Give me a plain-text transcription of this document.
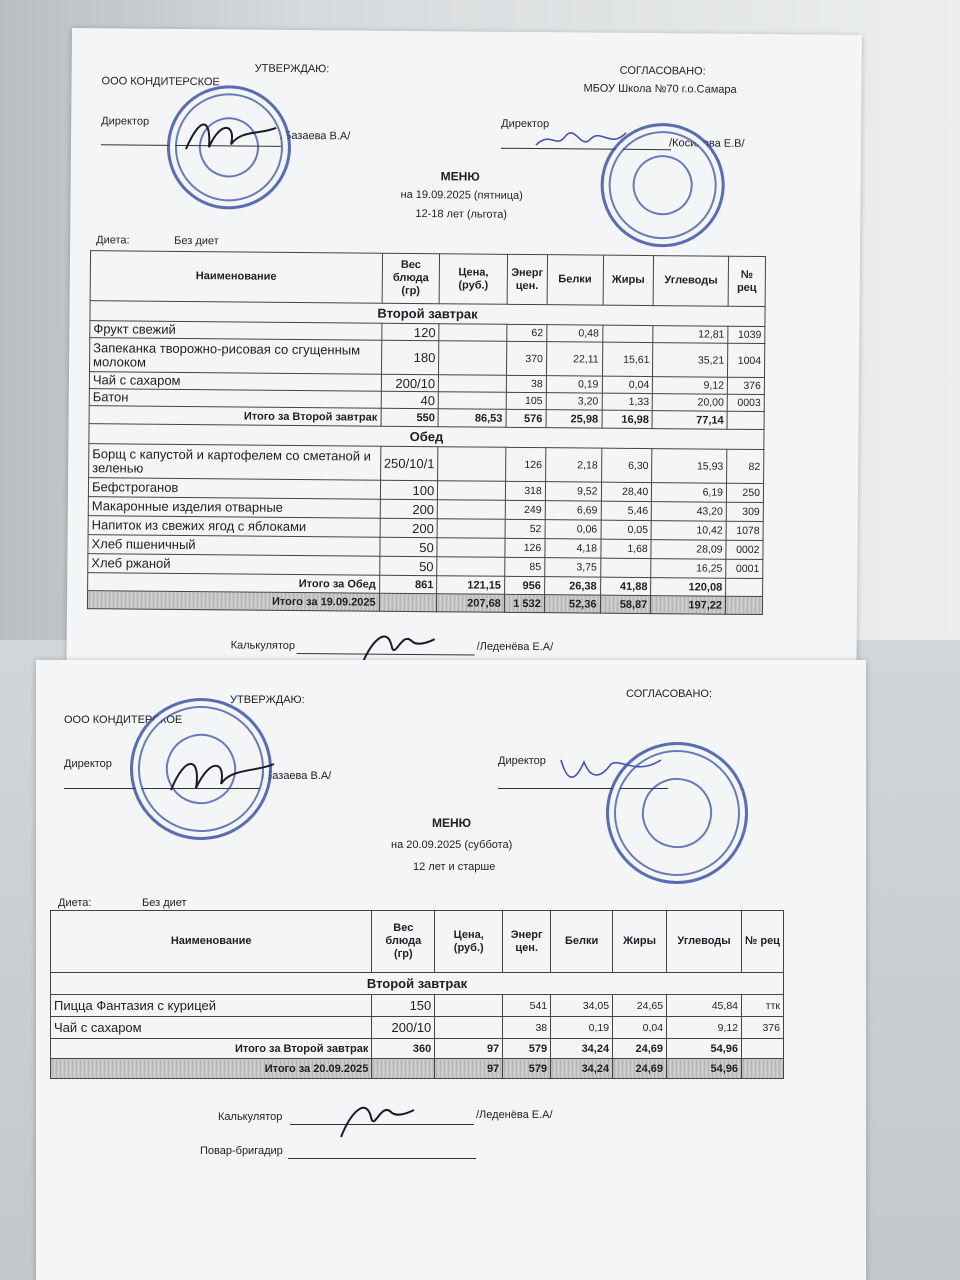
УТВЕРЖДАЮ:	СОГЛАСОВАНО:
ООО КОНДИТЕРСКОЕ
МБОУ Школа №70 г.о.Самара
Директор
/Базаева В.А/
Директор
/Косилова Е.В/
МЕНЮ
на 19.09.2025 (пятница)
12-18 лет (льгота)
Диета:	Без диет
Наименование	Вес блюда (гр)	Цена, (руб.)	Энерг цен.	Белки	Жиры	Углеводы	№ рец
Второй завтрак							
Фрукт свежий	120		62	0,48		12,81	1039
Запеканка творожно-рисовая со сгущенным молоком	180		370	22,11	15,61	35,21	1004
Чай с сахаром	200/10		38	0,19	0,04	9,12	376
Батон	40		105	3,20	1,33	20,00	0003
Итого за Второй завтрак	550	86,53	576	25,98	16,98	77,14	
Обед							
Борщ с капустой и картофелем со сметаной и зеленью	250/10/1		126	2,18	6,30	15,93	82
Бефстроганов	100		318	9,52	28,40	6,19	250
Макаронные изделия отварные	200		249	6,69	5,46	43,20	309
Напиток из свежих ягод с яблоками	200		52	0,06	0,05	10,42	1078
Хлеб пшеничный	50		126	4,18	1,68	28,09	0002
Хлеб ржаной	50		85	3,75		16,25	0001
Итого за Обед	861	121,15	956	26,38	41,88	120,08	
Итого за 19.09.2025		207,68	1 532	52,36	58,87	197,22	
Калькулятор	/Леденёва Е.А/
УТВЕРЖДАЮ:	СОГЛАСОВАНО:
ООО КОНДИТЕРСКОЕ
Директор
/Базаева В.А/
Директор
МЕНЮ
на 20.09.2025 (суббота)
12 лет и старше
Диета:	Без диет
Наименование	Вес блюда (гр)	Цена, (руб.)	Энерг цен.	Белки	Жиры	Углеводы	№ рец
Второй завтрак							
Пицца Фантазия с курицей	150		541	34,05	24,65	45,84	ттк
Чай с сахаром	200/10		38	0,19	0,04	9,12	376
Итого за Второй завтрак	360	97	579	34,24	24,69	54,96	
Итого за 20.09.2025		97	579	34,24	24,69	54,96	
Калькулятор	/Леденёва Е.А/
Повар-бригадир
